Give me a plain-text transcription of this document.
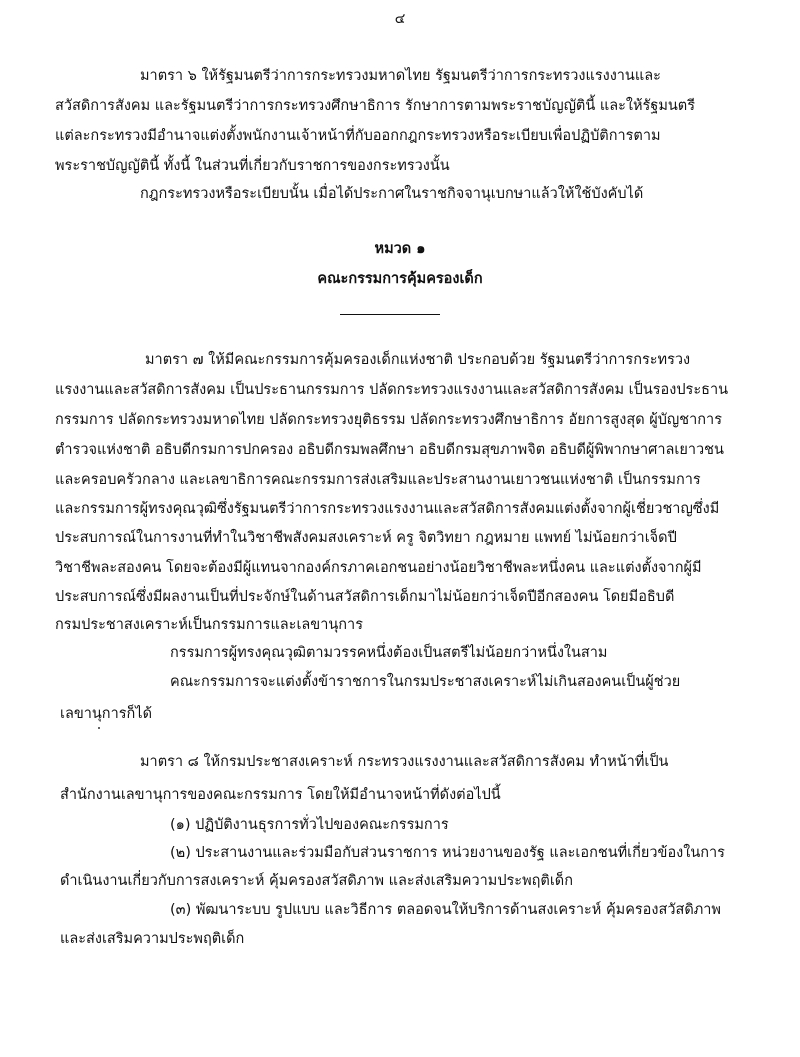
๔
มาตรา ๖ ให้รัฐมนตรีว่าการกระทรวงมหาดไทย รัฐมนตรีว่าการกระทรวงแรงงานและ
สวัสดิการสังคม และรัฐมนตรีว่าการกระทรวงศึกษาธิการ รักษาการตามพระราชบัญญัตินี้ และให้รัฐมนตรี
แต่ละกระทรวงมีอำนาจแต่งตั้งพนักงานเจ้าหน้าที่กับออกกฎกระทรวงหรือระเบียบเพื่อปฏิบัติการตาม
พระราชบัญญัตินี้ ทั้งนี้ ในส่วนที่เกี่ยวกับราชการของกระทรวงนั้น
กฎกระทรวงหรือระเบียบนั้น เมื่อได้ประกาศในราชกิจจานุเบกษาแล้วให้ใช้บังคับได้
หมวด ๑
คณะกรรมการคุ้มครองเด็ก
มาตรา ๗ ให้มีคณะกรรมการคุ้มครองเด็กแห่งชาติ ประกอบด้วย รัฐมนตรีว่าการกระทรวง
แรงงานและสวัสดิการสังคม เป็นประธานกรรมการ ปลัดกระทรวงแรงงานและสวัสดิการสังคม เป็นรองประธาน
กรรมการ ปลัดกระทรวงมหาดไทย ปลัดกระทรวงยุติธรรม ปลัดกระทรวงศึกษาธิการ อัยการสูงสุด ผู้บัญชาการ
ตำรวจแห่งชาติ อธิบดีกรมการปกครอง อธิบดีกรมพลศึกษา อธิบดีกรมสุขภาพจิต อธิบดีผู้พิพากษาศาลเยาวชน
และครอบครัวกลาง และเลขาธิการคณะกรรมการส่งเสริมและประสานงานเยาวชนแห่งชาติ เป็นกรรมการ
และกรรมการผู้ทรงคุณวุฒิซึ่งรัฐมนตรีว่าการกระทรวงแรงงานและสวัสดิการสังคมแต่งตั้งจากผู้เชี่ยวชาญซึ่งมี
ประสบการณ์ในการงานที่ทำในวิชาชีพสังคมสงเคราะห์ ครู จิตวิทยา กฎหมาย แพทย์ ไม่น้อยกว่าเจ็ดปี
วิชาชีพละสองคน โดยจะต้องมีผู้แทนจากองค์กรภาคเอกชนอย่างน้อยวิชาชีพละหนึ่งคน และแต่งตั้งจากผู้มี
ประสบการณ์ซึ่งมีผลงานเป็นที่ประจักษ์ในด้านสวัสดิการเด็กมาไม่น้อยกว่าเจ็ดปีอีกสองคน โดยมีอธิบดี
กรมประชาสงเคราะห์เป็นกรรมการและเลขานุการ
กรรมการผู้ทรงคุณวุฒิตามวรรคหนึ่งต้องเป็นสตรีไม่น้อยกว่าหนึ่งในสาม
คณะกรรมการจะแต่งตั้งข้าราชการในกรมประชาสงเคราะห์ไม่เกินสองคนเป็นผู้ช่วย
เลขานุการก็ได้
มาตรา ๘ ให้กรมประชาสงเคราะห์ กระทรวงแรงงานและสวัสดิการสังคม ทำหน้าที่เป็น
สำนักงานเลขานุการของคณะกรรมการ โดยให้มีอำนาจหน้าที่ดังต่อไปนี้
(๑) ปฏิบัติงานธุรการทั่วไปของคณะกรรมการ
(๒) ประสานงานและร่วมมือกับส่วนราชการ หน่วยงานของรัฐ และเอกชนที่เกี่ยวข้องในการ
ดำเนินงานเกี่ยวกับการสงเคราะห์ คุ้มครองสวัสดิภาพ และส่งเสริมความประพฤติเด็ก
(๓) พัฒนาระบบ รูปแบบ และวิธีการ ตลอดจนให้บริการด้านสงเคราะห์ คุ้มครองสวัสดิภาพ
และส่งเสริมความประพฤติเด็ก
